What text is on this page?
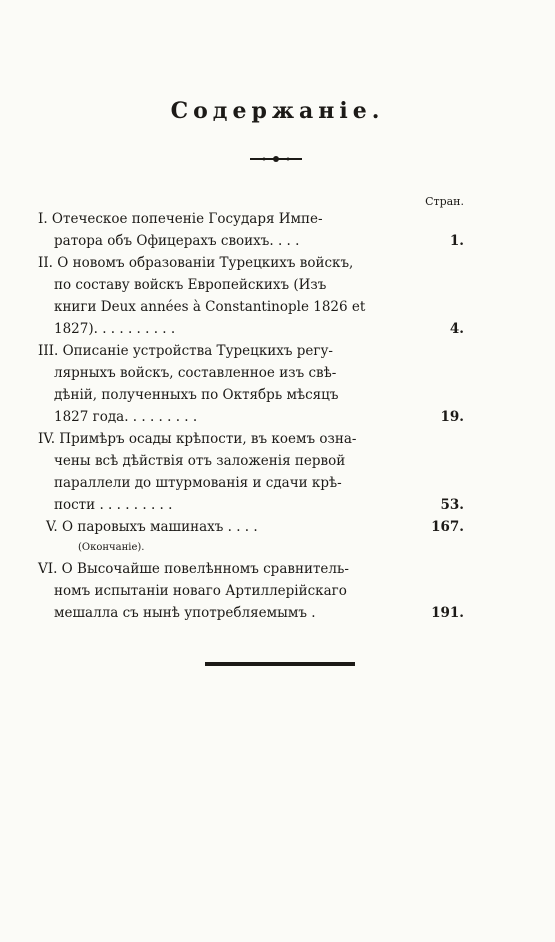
Содержанiе.
Стран.
I. Отеческое попеченiе Государя Импе-
ратора объ Офицерахъ своихъ. . . .	1.
II. О новомъ образованiи Турецкихъ войскъ,
по составу войскъ Европейскихъ (Изъ
книги Deux années à Constantinople 1826 et
1827). . . . . . . . . .	4.
III. Описанiе устройства Турецкихъ регу-
лярныхъ войскъ, составленное изъ свѣ-
дѣнiй, полученныхъ по Октябрь мѣсяцъ
1827 года. . . . . . . . .	19.
IV. Примѣръ осады крѣпости, въ коемъ озна-
чены всѣ дѣйствiя отъ заложенiя первой
параллели до штурмованiя и сдачи крѣ-
пости . . . . . . . . .	53.
V. О паровыхъ машинахъ . . . .	167.
(Окончанiе).
VI. О Высочайше повелѣнномъ сравнитель-
номъ испытанiи новаго Артиллерiйскаго
мешалла съ нынѣ употребляемымъ .	191.
